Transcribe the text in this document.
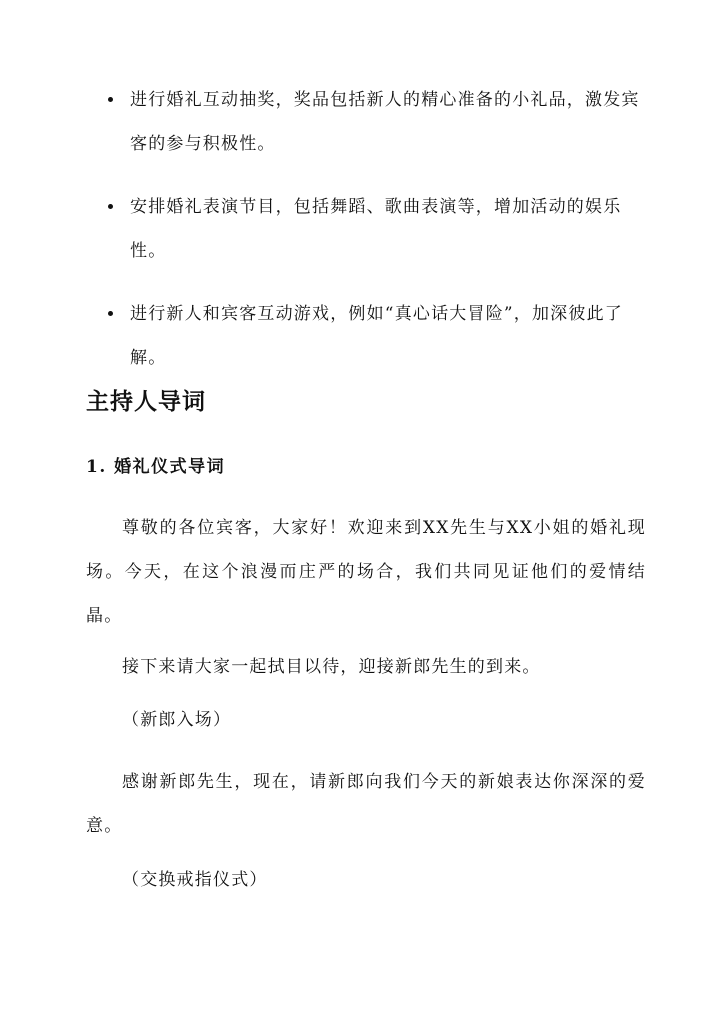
进行婚礼互动抽奖，奖品包括新人的精心准备的小礼品，激发宾客的参与积极性。
安排婚礼表演节目，包括舞蹈、歌曲表演等，增加活动的娱乐性。
进行新人和宾客互动游戏，例如“真心话大冒险”，加深彼此了解。
主持人导词
1. 婚礼仪式导词

尊敬的各位宾客，大家好！欢迎来到XX先生与XX小姐的婚礼现场。今天，在这个浪漫而庄严的场合，我们共同见证他们的爱情结晶。

接下来请大家一起拭目以待，迎接新郎先生的到来。

（新郎入场）

感谢新郎先生，现在，请新郎向我们今天的新娘表达你深深的爱意。

（交换戒指仪式）
